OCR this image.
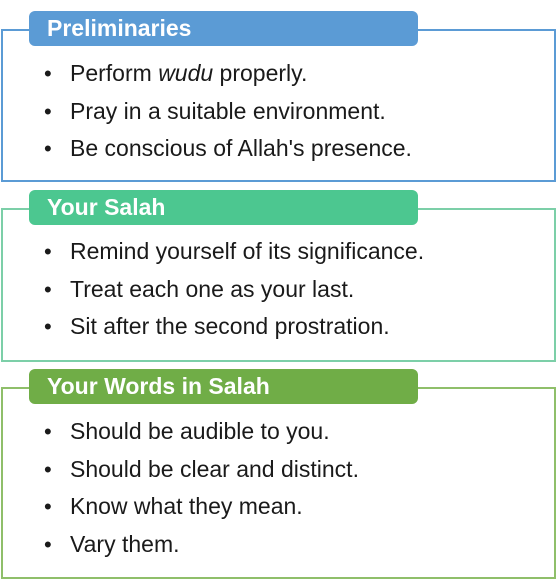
Preliminaries
• Perform wudu properly.
• Pray in a suitable environment.
• Be conscious of Allah's presence.
Your Salah
• Remind yourself of its significance.
• Treat each one as your last.
• Sit after the second prostration.
Your Words in Salah
• Should be audible to you.
• Should be clear and distinct.
• Know what they mean.
• Vary them.
